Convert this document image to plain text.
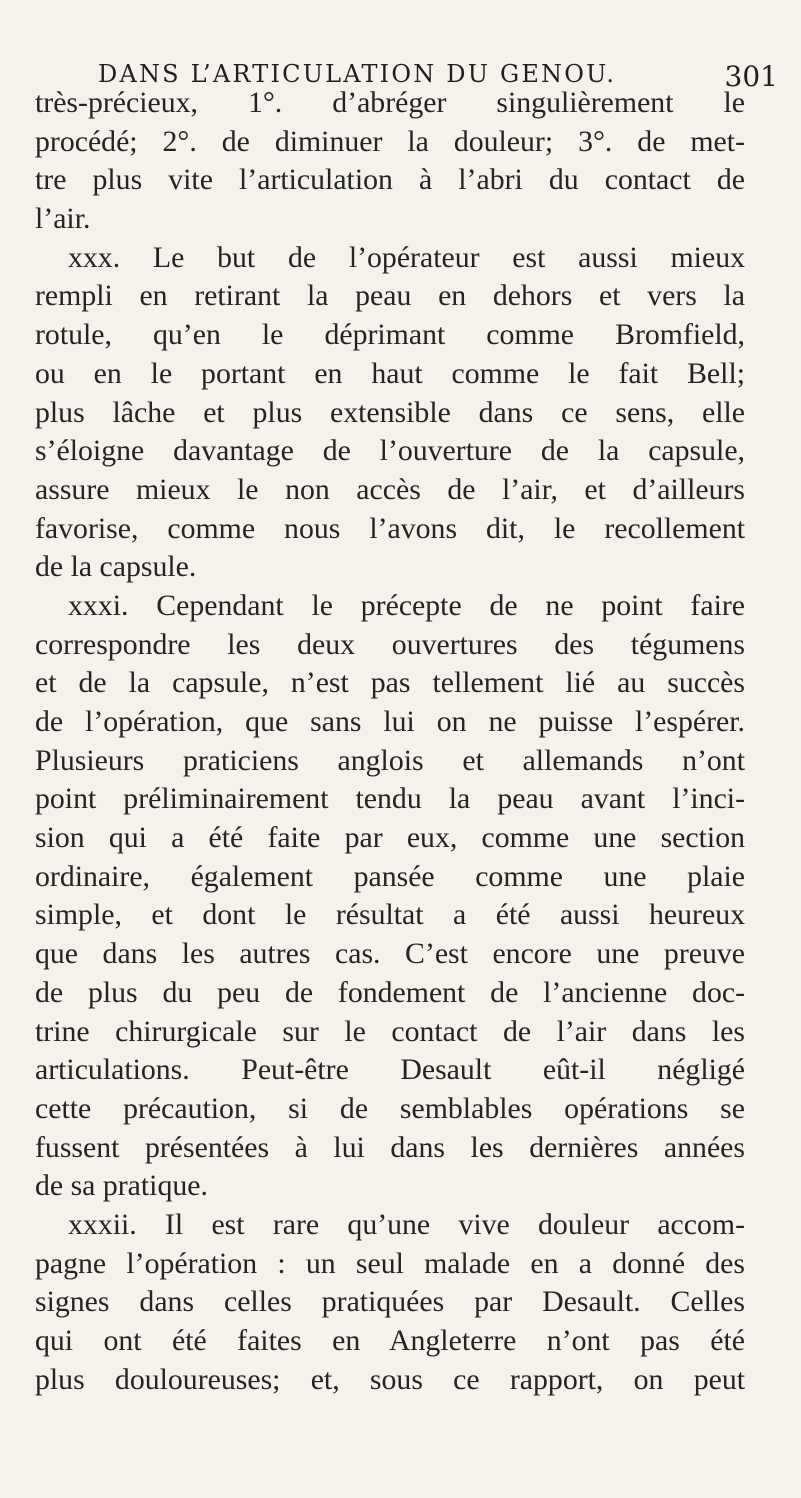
DANS L’ARTICULATION DU GENOU.	301
très-précieux, 1°. d’abréger singulièrement le
procédé; 2°. de diminuer la douleur; 3°. de met-
tre plus vite l’articulation à l’abri du contact de
l’air.
xxx. Le but de l’opérateur est aussi mieux
rempli en retirant la peau en dehors et vers la
rotule, qu’en le déprimant comme Bromfield,
ou en le portant en haut comme le fait Bell;
plus lâche et plus extensible dans ce sens, elle
s’éloigne davantage de l’ouverture de la capsule,
assure mieux le non accès de l’air, et d’ailleurs
favorise, comme nous l’avons dit, le recollement
de la capsule.
xxxi. Cependant le précepte de ne point faire
correspondre les deux ouvertures des tégumens
et de la capsule, n’est pas tellement lié au succès
de l’opération, que sans lui on ne puisse l’espérer.
Plusieurs praticiens anglois et allemands n’ont
point préliminairement tendu la peau avant l’inci-
sion qui a été faite par eux, comme une section
ordinaire, également pansée comme une plaie
simple, et dont le résultat a été aussi heureux
que dans les autres cas. C’est encore une preuve
de plus du peu de fondement de l’ancienne doc-
trine chirurgicale sur le contact de l’air dans les
articulations. Peut-être Desault eût-il négligé
cette précaution, si de semblables opérations se
fussent présentées à lui dans les dernières années
de sa pratique.
xxxii. Il est rare qu’une vive douleur accom-
pagne l’opération : un seul malade en a donné des
signes dans celles pratiquées par Desault. Celles
qui ont été faites en Angleterre n’ont pas été
plus douloureuses; et, sous ce rapport, on peut
